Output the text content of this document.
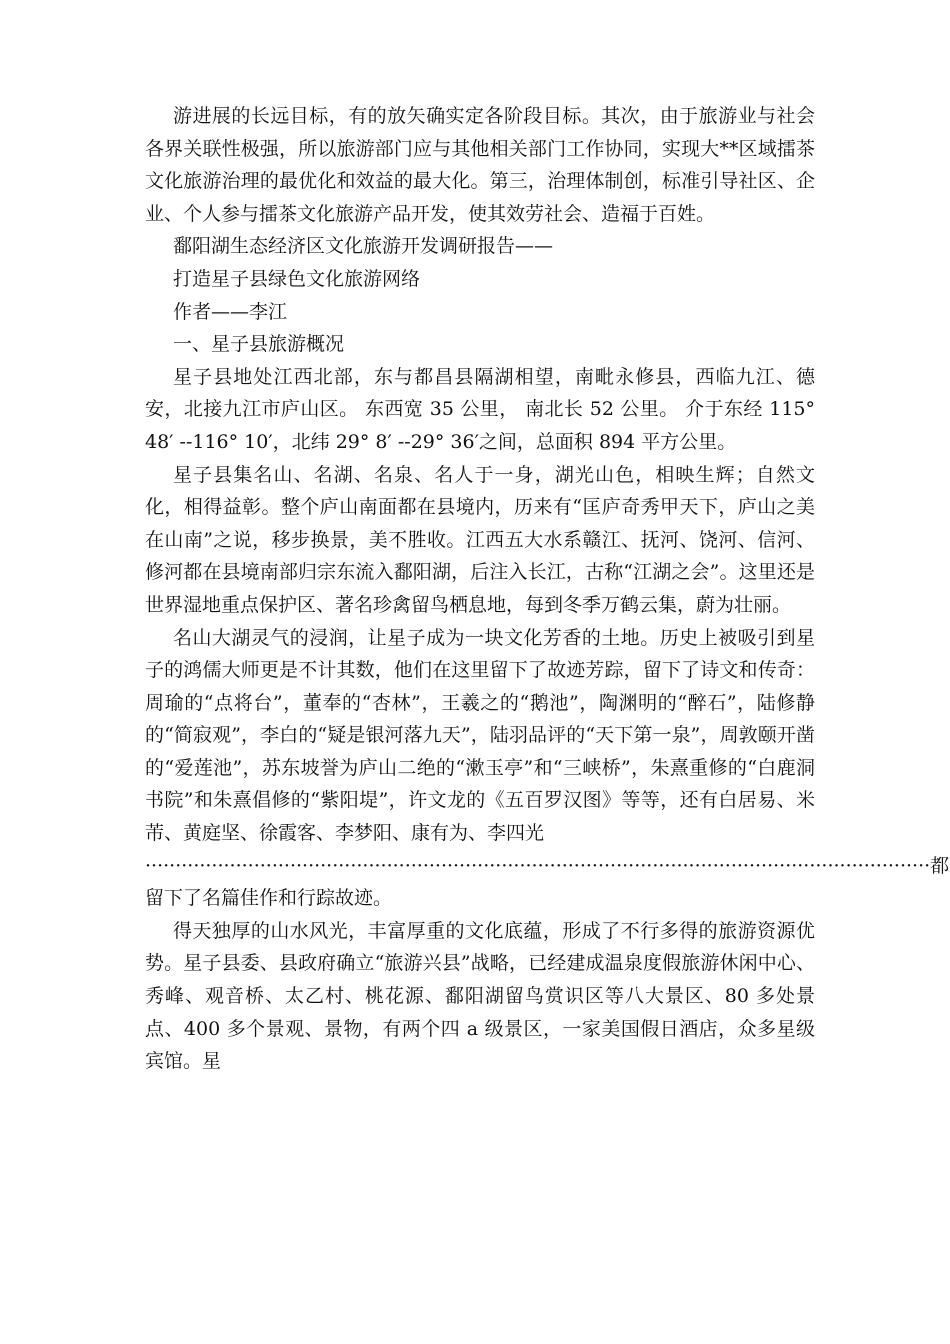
游进展的长远目标，有的放矢确实定各阶段目标。其次，由于旅游业与社会各界关联性极强，所以旅游部门应与其他相关部门工作协同，实现大**区域擂茶文化旅游治理的最优化和效益的最大化。第三，治理体制创，标准引导社区、企业、个人参与擂茶文化旅游产品开发，使其效劳社会、造福于百姓。

鄱阳湖生态经济区文化旅游开发调研报告——

打造星子县绿色文化旅游网络

作者——李江

一、星子县旅游概况

星子县地处江西北部，东与都昌县隔湖相望，南毗永修县，西临九江、德安，北接九江市庐山区。 东西宽 35 公里， 南北长 52 公里。 介于东经 115° 48′ --116° 10′，北纬 29° 8′ --29° 36′之间，总面积 894 平方公里。

星子县集名山、名湖、名泉、名人于一身，湖光山色，相映生辉；自然文化，相得益彰。整个庐山南面都在县境内，历来有“匡庐奇秀甲天下，庐山之美在山南”之说，移步换景，美不胜收。江西五大水系赣江、抚河、饶河、信河、修河都在县境南部归宗东流入鄱阳湖，后注入长江，古称“江湖之会”。这里还是世界湿地重点保护区、著名珍禽留鸟栖息地，每到冬季万鹤云集，蔚为壮丽。

名山大湖灵气的浸润，让星子成为一块文化芳香的土地。历史上被吸引到星子的鸿儒大师更是不计其数，他们在这里留下了故迹芳踪，留下了诗文和传奇：周瑜的“点将台”，董奉的“杏林”，王羲之的“鹅池”，陶渊明的“醉石”，陆修静的“简寂观”，李白的“疑是银河落九天”，陆羽品评的“天下第一泉”，周敦颐开凿的“爱莲池”，苏东坡誉为庐山二绝的“漱玉亭”和“三峡桥”，朱熹重修的“白鹿洞书院”和朱熹倡修的“紫阳堤”，许文龙的《五百罗汉图》等等，还有白居易、米芾、黄庭坚、徐霞客、李梦阳、康有为、李四光

·································································································································· 都

留下了名篇佳作和行踪故迹。

得天独厚的山水风光，丰富厚重的文化底蕴，形成了不行多得的旅游资源优势。星子县委、县政府确立“旅游兴县”战略，已经建成温泉度假旅游休闲中心、秀峰、观音桥、太乙村、桃花源、鄱阳湖留鸟赏识区等八大景区、80 多处景点、400 多个景观、景物，有两个四 a 级景区，一家美国假日酒店，众多星级宾馆。星
